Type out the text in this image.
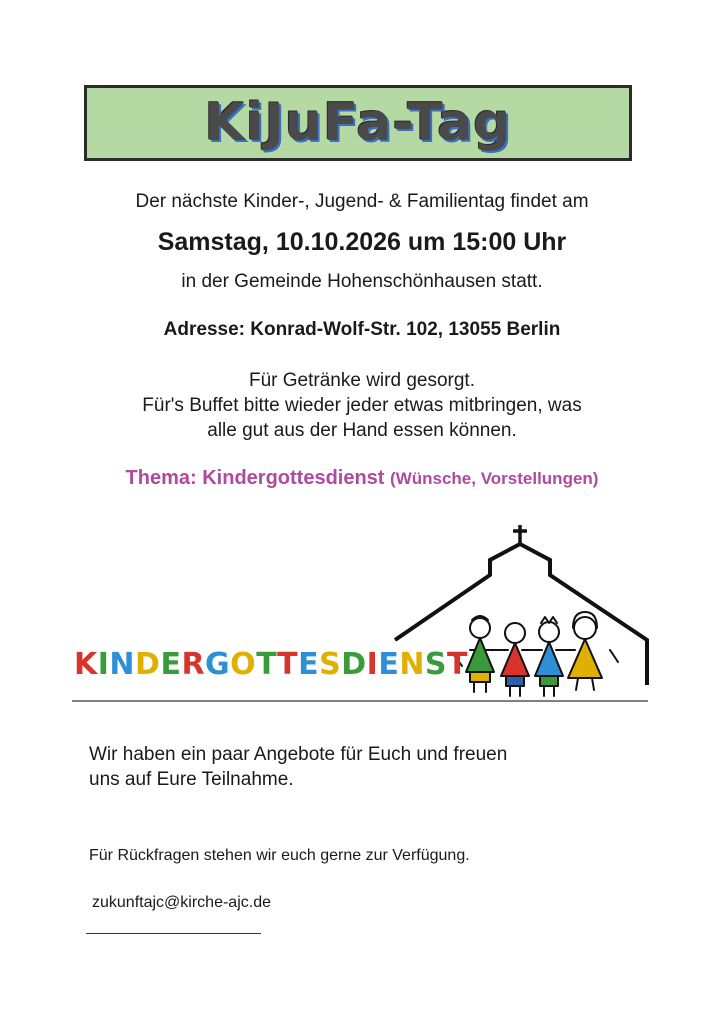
KiJuFa-Tag
Der nächste Kinder-, Jugend- & Familientag findet am
Samstag, 10.10.2026 um 15:00 Uhr
in der Gemeinde Hohenschönhausen statt.
Adresse: Konrad-Wolf-Str. 102, 13055 Berlin
Für Getränke wird gesorgt.
Für's Buffet bitte wieder jeder etwas mitbringen, was
alle gut aus der Hand essen können.
Thema: Kindergottesdienst (Wünsche, Vorstellungen)
KINDERGOTTESDIENST
Wir haben ein paar Angebote für Euch und freuen
uns auf Eure Teilnahme.
Für Rückfragen stehen wir euch gerne zur Verfügung.
zukunftajc@kirche-ajc.de
